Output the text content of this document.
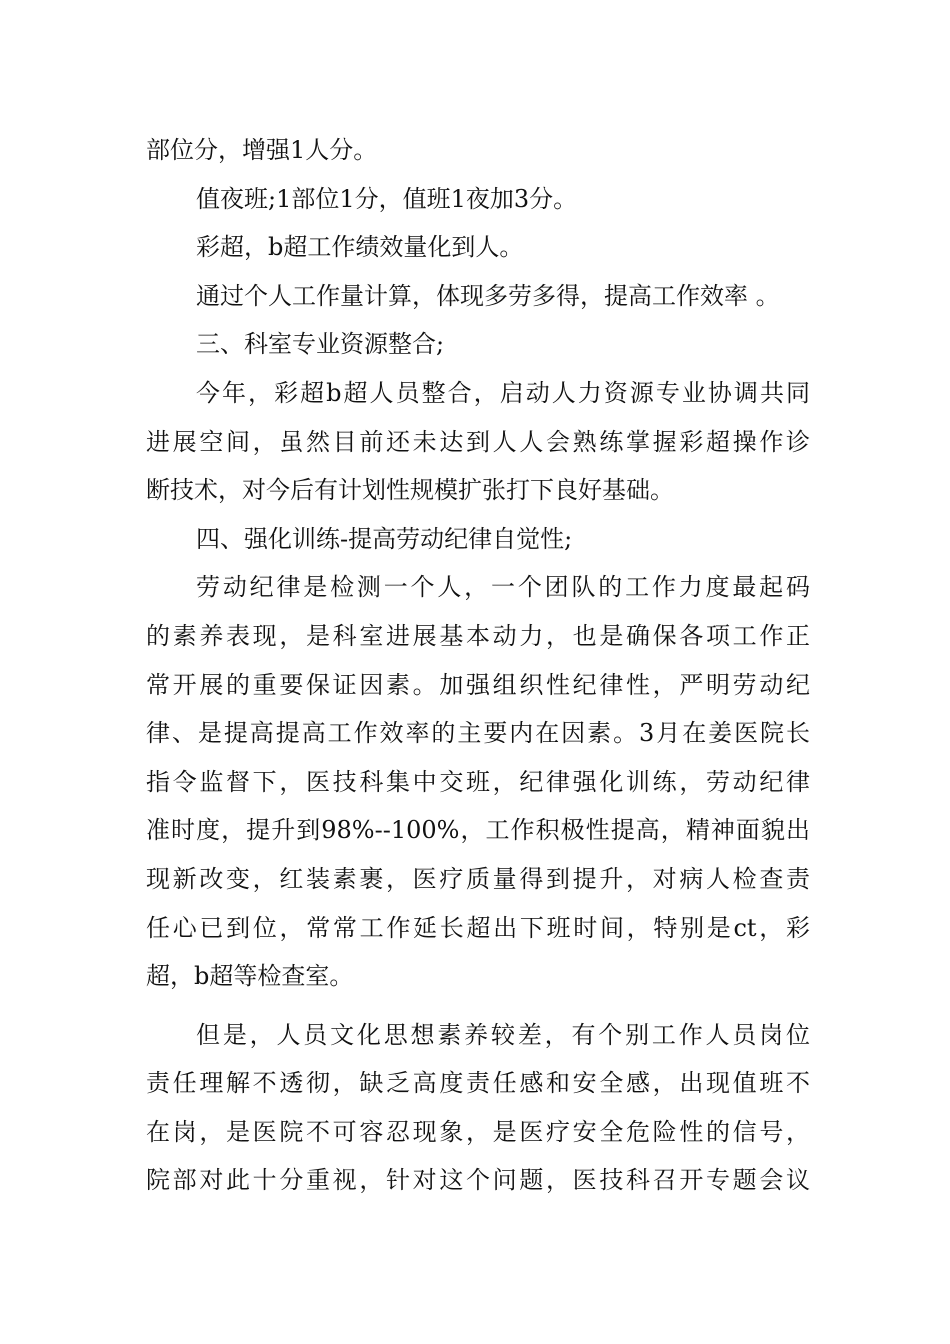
部位分，增强1人分。
值夜班;1部位1分，值班1夜加3分。
彩超，b超工作绩效量化到人。
通过个人工作量计算，体现多劳多得，提高工作效率 。
三、科室专业资源整合;
今年，彩超b超人员整合，启动人力资源专业协调共同
进展空间，虽然目前还未达到人人会熟练掌握彩超操作诊
断技术，对今后有计划性规模扩张打下良好基础。
四、强化训练-提高劳动纪律自觉性;
劳动纪律是检测一个人，一个团队的工作力度最起码
的素养表现，是科室进展基本动力，也是确保各项工作正
常开展的重要保证因素。加强组织性纪律性，严明劳动纪
律、是提高提高工作效率的主要内在因素。3月在姜医院长
指令监督下，医技科集中交班，纪律强化训练，劳动纪律
准时度，提升到98%--100%，工作积极性提高，精神面貌出
现新改变，红装素裹，医疗质量得到提升，对病人检查责
任心已到位，常常工作延长超出下班时间，特别是ct，彩
超，b超等检查室。
但是，人员文化思想素养较差，有个别工作人员岗位
责任理解不透彻，缺乏高度责任感和安全感，出现值班不
在岗，是医院不可容忍现象，是医疗安全危险性的信号，
院部对此十分重视，针对这个问题，医技科召开专题会议
